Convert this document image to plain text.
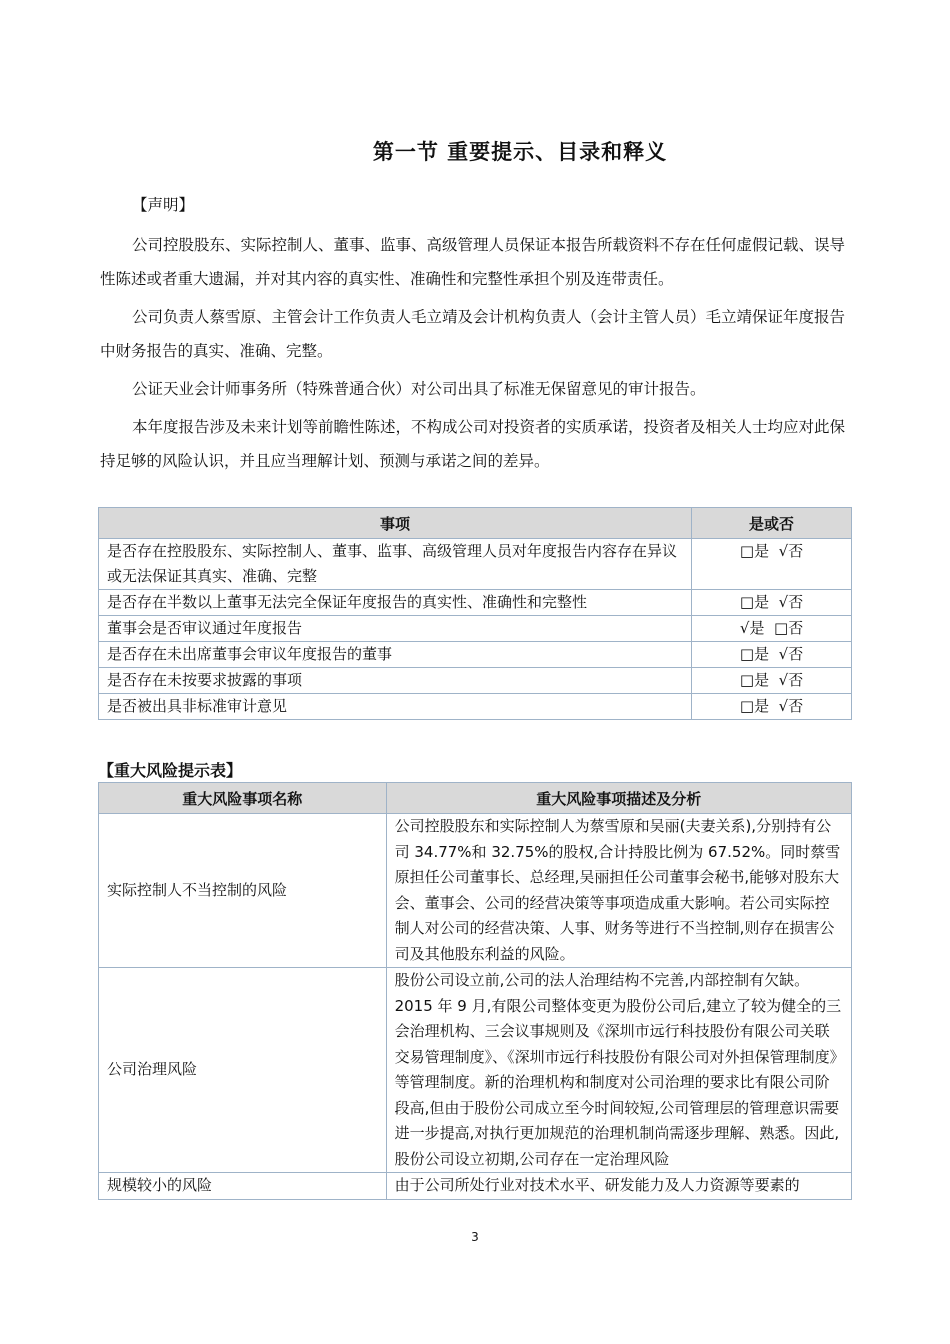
第一节 重要提示、目录和释义

【声明】

公司控股股东、实际控制人、董事、监事、高级管理人员保证本报告所载资料不存在任何虚假记载、误导性陈述或者重大遗漏，并对其内容的真实性、准确性和完整性承担个别及连带责任。

公司负责人蔡雪原、主管会计工作负责人毛立靖及会计机构负责人（会计主管人员）毛立靖保证年度报告中财务报告的真实、准确、完整。

公证天业会计师事务所（特殊普通合伙）对公司出具了标准无保留意见的审计报告。

本年度报告涉及未来计划等前瞻性陈述，不构成公司对投资者的实质承诺，投资者及相关人士均应对此保持足够的风险认识，并且应当理解计划、预测与承诺之间的差异。

事项	是或否
是否存在控股股东、实际控制人、董事、监事、高级管理人员对年度报告内容存在异议或无法保证其真实、准确、完整	□是  √否
是否存在半数以上董事无法完全保证年度报告的真实性、准确性和完整性	□是  √否
董事会是否审议通过年度报告	√是  □否
是否存在未出席董事会审议年度报告的董事	□是  √否
是否存在未按要求披露的事项	□是  √否
是否被出具非标准审计意见	□是  √否
【重大风险提示表】
重大风险事项名称	重大风险事项描述及分析
实际控制人不当控制的风险	公司控股股东和实际控制人为蔡雪原和吴丽(夫妻关系),分别持有公司 34.77%和 32.75%的股权,合计持股比例为 67.52%。同时蔡雪原担任公司董事长、总经理,吴丽担任公司董事会秘书,能够对股东大会、董事会、公司的经营决策等事项造成重大影响。若公司实际控制人对公司的经营决策、人事、财务等进行不当控制,则存在损害公司及其他股东利益的风险。
公司治理风险	股份公司设立前,公司的法人治理结构不完善,内部控制有欠缺。2015 年 9 月,有限公司整体变更为股份公司后,建立了较为健全的三会治理机构、三会议事规则及《深圳市远行科技股份有限公司关联交易管理制度》、《深圳市远行科技股份有限公司对外担保管理制度》等管理制度。新的治理机构和制度对公司治理的要求比有限公司阶段高,但由于股份公司成立至今时间较短,公司管理层的管理意识需要进一步提高,对执行更加规范的治理机制尚需逐步理解、熟悉。因此,股份公司设立初期,公司存在一定治理风险
规模较小的风险	由于公司所处行业对技术水平、研发能力及人力资源等要素的
3
